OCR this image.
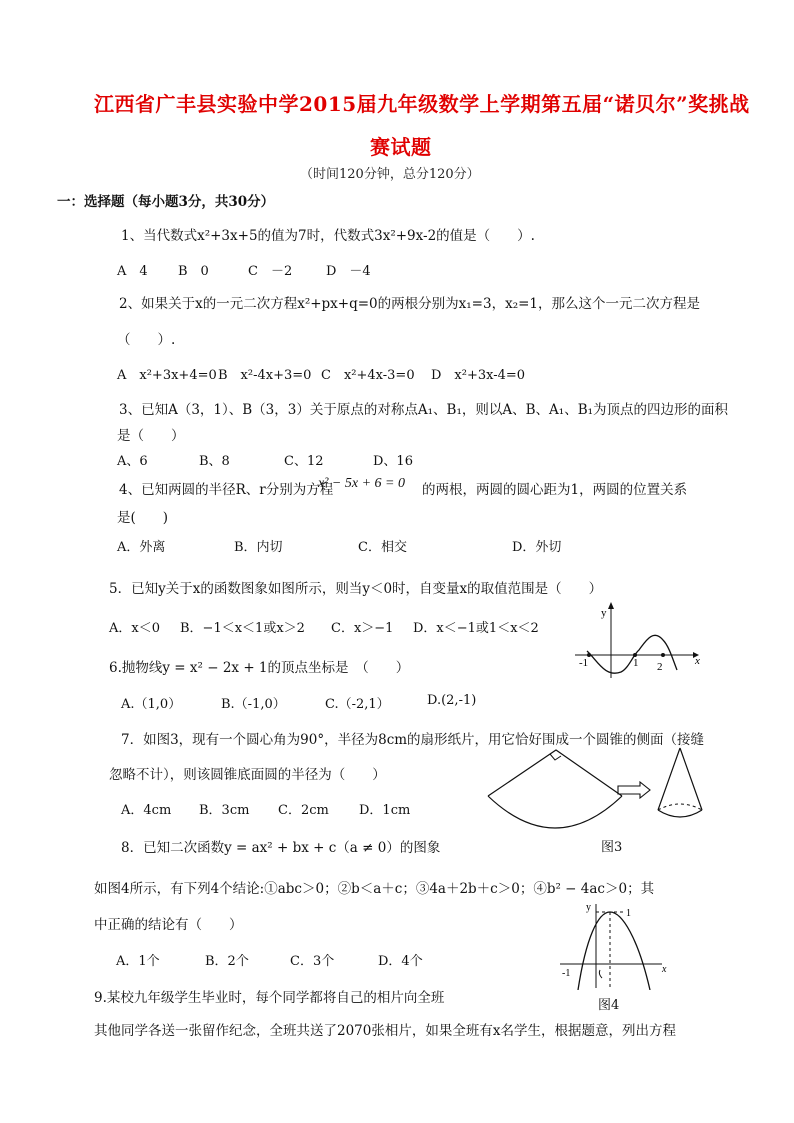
江西省广丰县实验中学2015届九年级数学上学期第五届“诺贝尔”奖挑战
赛试题
（时间120分钟，总分120分）
一：选择题（每小题3分，共30分）
1、当代数式x²+3x+5的值为7时，代数式3x²+9x-2的值是（　　）.
A　4 B　0	C　－2	D　－4
2、如果关于x的一元二次方程x²+px+q=0的两根分别为x₁=3，x₂=1，那么这个一元二次方程是
（　　）.
A　x²+3x+4=0 B　x²-4x+3=0 C　x²+4x-3=0 D　x²+3x-4=0
3、已知A（3，1）、B（3，3）关于原点的对称点A₁、B₁，则以A、B、A₁、B₁为顶点的四边形的面积
是（　　）
A、6	B、8	C、12	D、16
4、已知两圆的半径R、r分别为方程
x² − 5x + 6 = 0 的两根，两圆的圆心距为1，两圆的位置关系
是(　　)
A．外离	B．内切	C．相交	D．外切
5．已知y关于x的函数图象如图所示，则当y＜0时，自变量x的取值范围是（　　）
A．x＜0 B．−1＜x＜1或x＞2 C．x＞−1 D．x＜−1或1＜x＜2
y
x
-1	1 2
6.抛物线y = x² − 2x + 1的顶点坐标是　（　　）
A.（1,0）	B.（-1,0）	C.（-2,1）	D.(2,-1)
7．如图3，现有一个圆心角为90°，半径为8cm的扇形纸片，用它恰好围成一个圆锥的侧面（接缝
忽略不计），则该圆锥底面圆的半径为（　　）
A．4cm B．3cm C．2cm D．1cm
图3
8．已知二次函数y = ax² + bx + c（a ≠ 0）的图象
如图4所示，有下列4个结论:①abc＞0；②b＜a＋c；③4a＋2b＋c＞0；④b² − 4ac＞0；其
中正确的结论有（　　）
A．1个	B．2个	C．3个	D．4个
y
x
-1
1
图4
9.某校九年级学生毕业时，每个同学都将自己的相片向全班
其他同学各送一张留作纪念，全班共送了2070张相片，如果全班有x名学生，根据题意，列出方程
